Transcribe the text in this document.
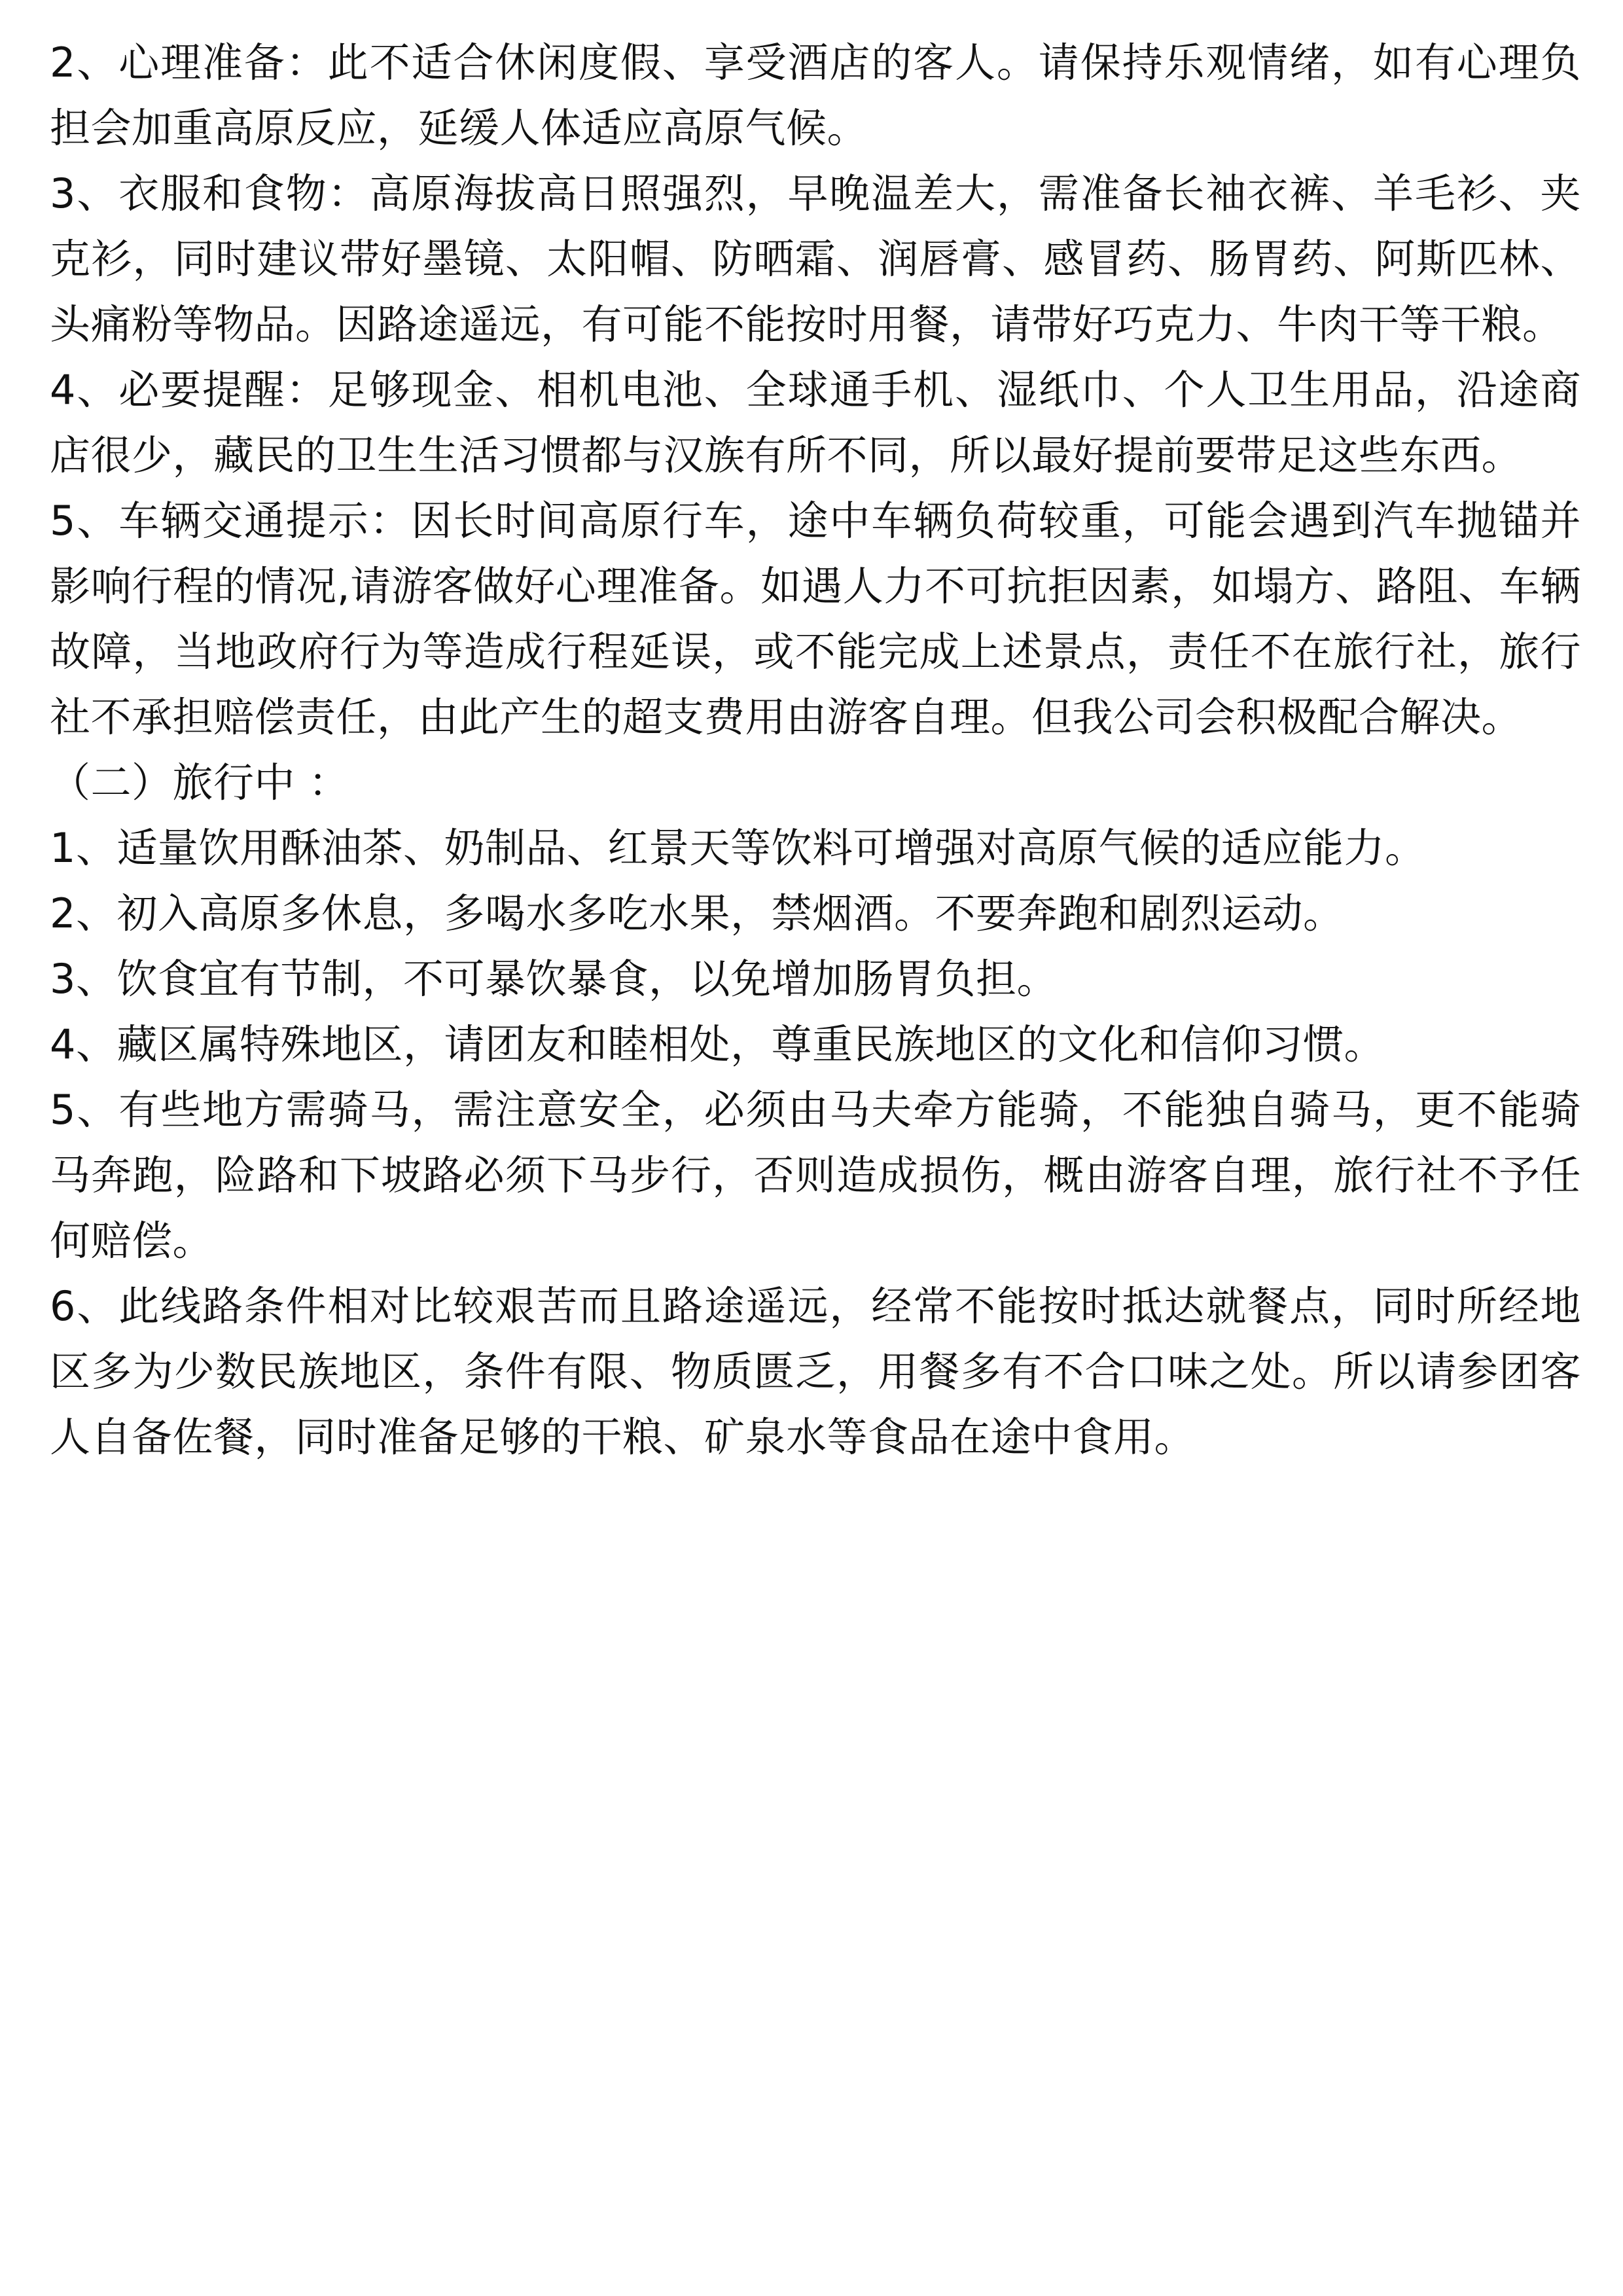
2、心理准备：此不适合休闲度假、享受酒店的客人。请保持乐观情绪，如有心理负担会加重高原反应，延缓人体适应高原气候。

3、衣服和食物：高原海拔高日照强烈，早晚温差大，需准备长袖衣裤、羊毛衫、夹克衫，同时建议带好墨镜、太阳帽、防晒霜、润唇膏、感冒药、肠胃药、阿斯匹林、头痛粉等物品。因路途遥远，有可能不能按时用餐，请带好巧克力、牛肉干等干粮。

4、必要提醒：足够现金、相机电池、全球通手机、湿纸巾、个人卫生用品，沿途商店很少，藏民的卫生生活习惯都与汉族有所不同，所以最好提前要带足这些东西。

5、车辆交通提示：因长时间高原行车，途中车辆负荷较重，可能会遇到汽车抛锚并影响行程的情况,请游客做好心理准备。如遇人力不可抗拒因素，如塌方、路阻、车辆故障，当地政府行为等造成行程延误，或不能完成上述景点，责任不在旅行社，旅行社不承担赔偿责任，由此产生的超支费用由游客自理。但我公司会积极配合解决。

（二）旅行中 ：

1、适量饮用酥油茶、奶制品、红景天等饮料可增强对高原气候的适应能力。

2、初入高原多休息，多喝水多吃水果，禁烟酒。不要奔跑和剧烈运动。

3、饮食宜有节制，不可暴饮暴食，以免增加肠胃负担。

4、藏区属特殊地区，请团友和睦相处，尊重民族地区的文化和信仰习惯。

5、有些地方需骑马，需注意安全，必须由马夫牵方能骑，不能独自骑马，更不能骑马奔跑，险路和下坡路必须下马步行，否则造成损伤，概由游客自理，旅行社不予任何赔偿。

6、此线路条件相对比较艰苦而且路途遥远，经常不能按时抵达就餐点，同时所经地区多为少数民族地区，条件有限、物质匮乏，用餐多有不合口味之处。所以请参团客人自备佐餐，同时准备足够的干粮、矿泉水等食品在途中食用。
